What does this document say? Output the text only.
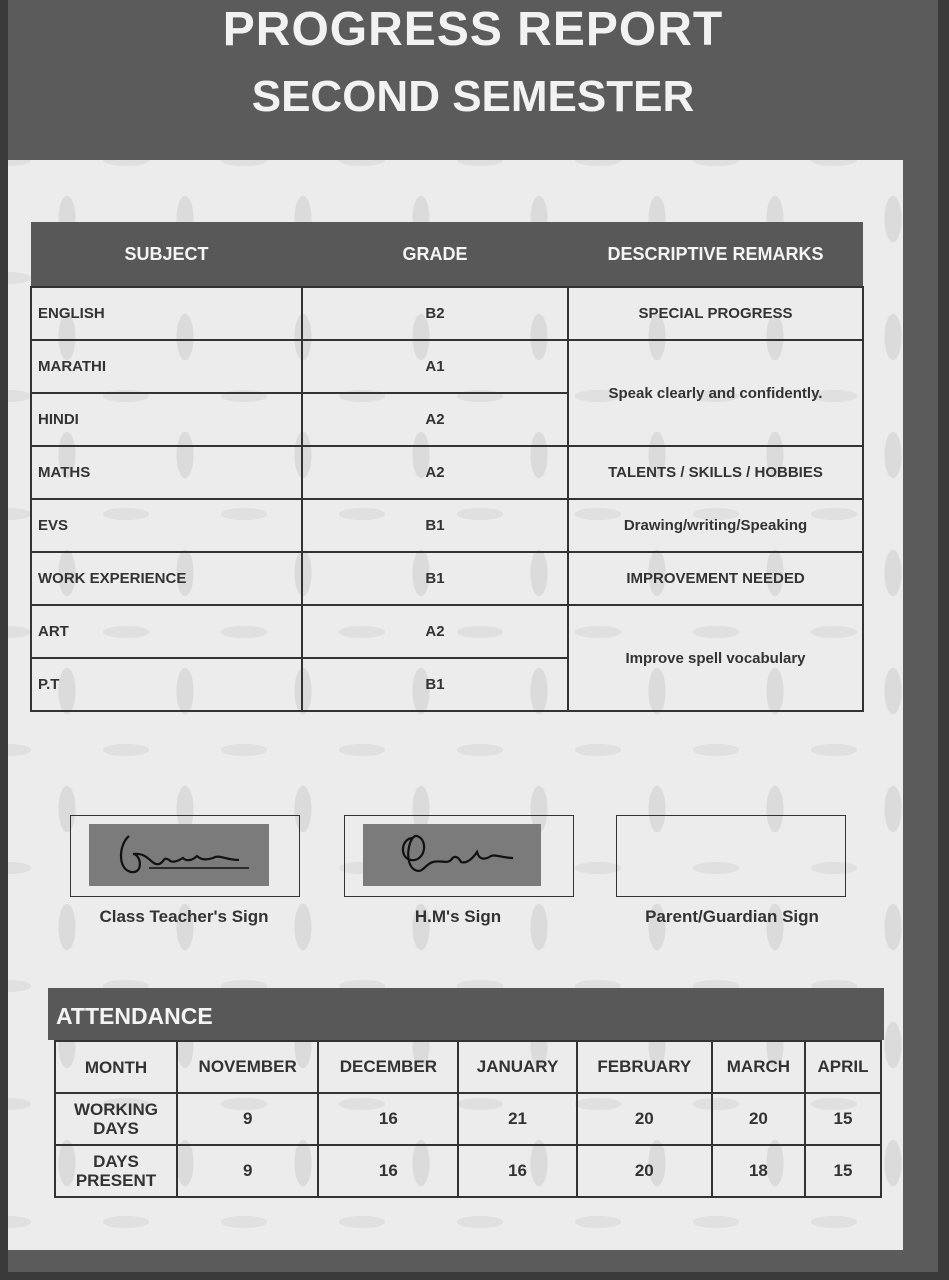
PROGRESS REPORT
SECOND SEMESTER
SUBJECT	GRADE	DESCRIPTIVE REMARKS
ENGLISH	B2	SPECIAL PROGRESS
MARATHI	A1	Speak clearly and confidently.
HINDI	A2	
MATHS	A2	TALENTS / SKILLS / HOBBIES
EVS	B1	Drawing/writing/Speaking
WORK EXPERIENCE	B1	IMPROVEMENT NEEDED
ART	A2	Improve spell vocabulary
P.T	B1	
Class Teacher's Sign	H.M's Sign	Parent/Guardian Sign
ATTENDANCE
MONTH	NOVEMBER	DECEMBER	JANUARY	FEBRUARY	MARCH	APRIL
WORKING DAYS	9	16	21	20	20	15
DAYS PRESENT	9	16	16	20	18	15
